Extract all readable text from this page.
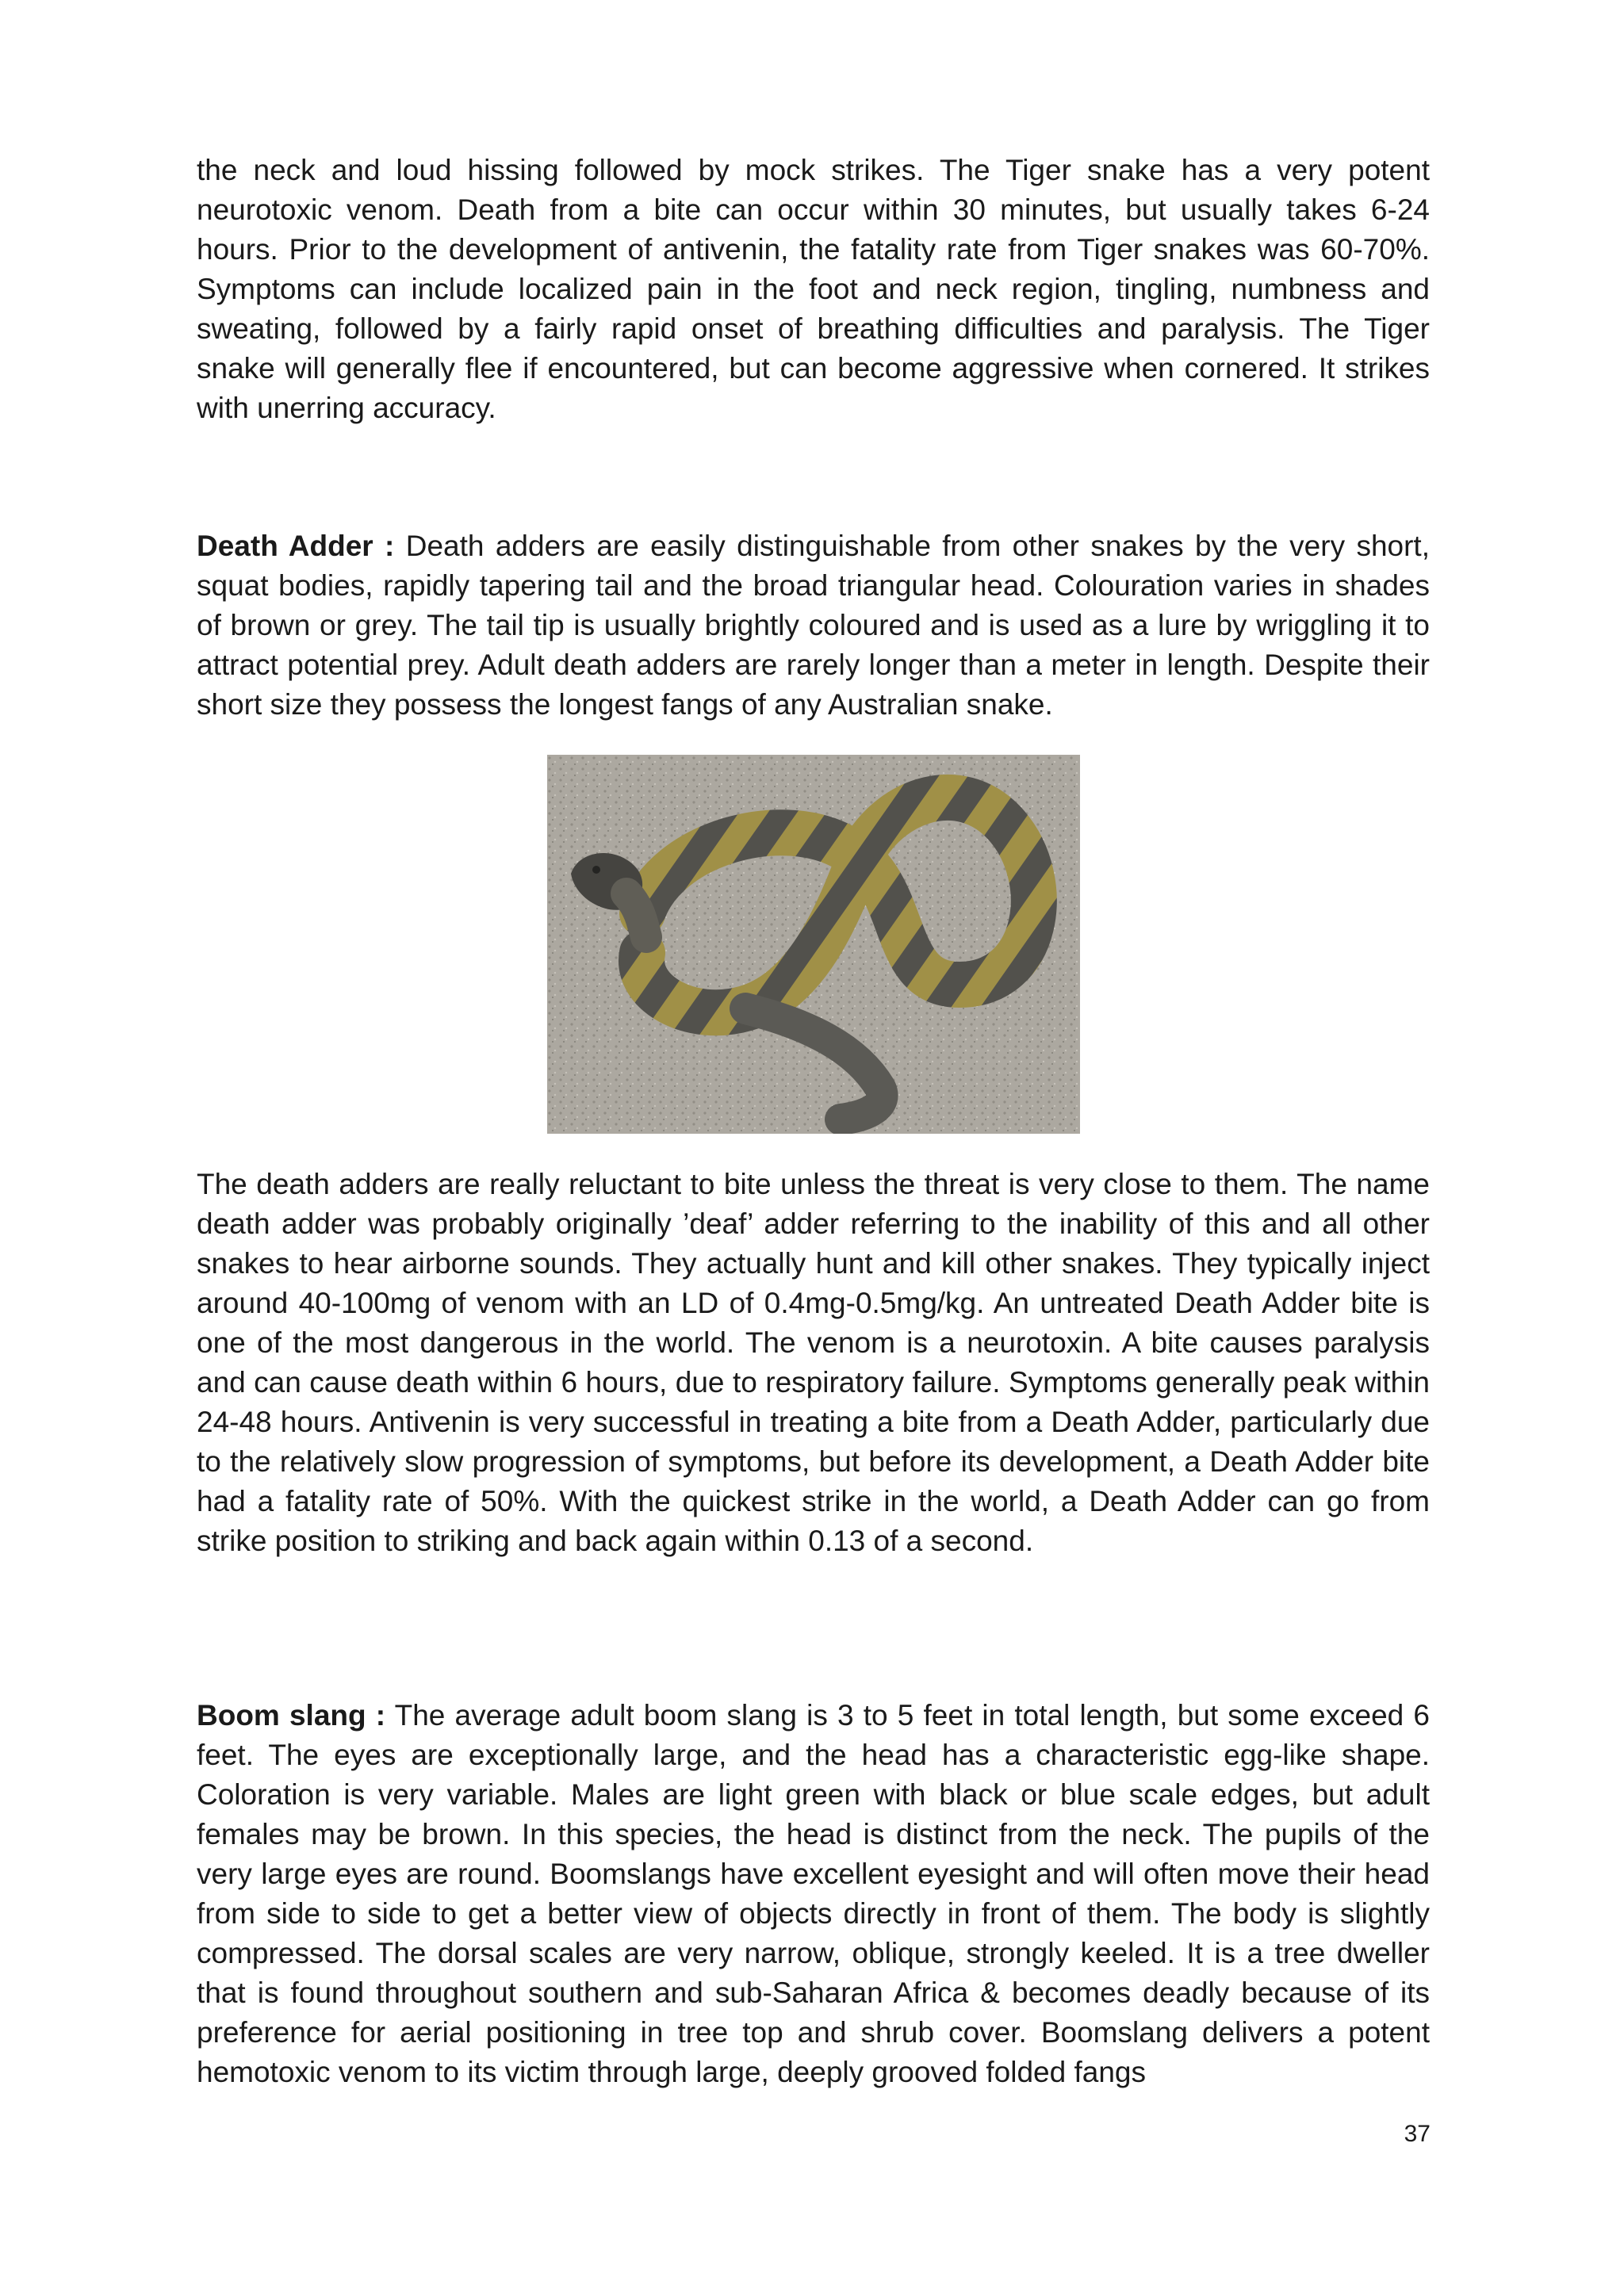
the neck and loud hissing followed by mock strikes. The Tiger snake has a very potent neurotoxic venom. Death from a bite can occur within 30 minutes, but usually takes 6-24 hours. Prior to the development of antivenin, the fatality rate from Tiger snakes was 60-70%. Symptoms can include localized pain in the foot and neck region, tingling, numbness and sweating, followed by a fairly rapid onset of breathing difficulties and paralysis. The Tiger snake will generally flee if encountered, but can become aggressive when cornered. It strikes with unerring accuracy.

Death Adder : Death adders are easily distinguishable from other snakes by the very short, squat bodies, rapidly tapering tail and the broad triangular head. Colouration varies in shades of brown or grey. The tail tip is usually brightly coloured and is used as a lure by wriggling it to attract potential prey. Adult death adders are rarely longer than a meter in length. Despite their short size they possess the longest fangs of any Australian snake.

The death adders are really reluctant to bite unless the threat is very close to them. The name death adder was probably originally ’deaf’ adder referring to the inability of this and all other snakes to hear airborne sounds. They actually hunt and kill other snakes. They typically inject around 40-100mg of venom with an LD of 0.4mg-0.5mg/kg. An untreated Death Adder bite is one of the most dangerous in the world. The venom is a neurotoxin. A bite causes paralysis and can cause death within 6 hours, due to respiratory failure. Symptoms generally peak within 24-48 hours. Antivenin is very successful in treating a bite from a Death Adder, particularly due to the relatively slow progression of symptoms, but before its development, a Death Adder bite had a fatality rate of 50%. With the quickest strike in the world, a Death Adder can go from strike position to striking and back again within 0.13 of a second.

Boom slang : The average adult boom slang is 3 to 5 feet in total length, but some exceed 6 feet. The eyes are exceptionally large, and the head has a characteristic egg-like shape. Coloration is very variable. Males are light green with black or blue scale edges, but adult females may be brown. In this species, the head is distinct from the neck. The pupils of the very large eyes are round. Boomslangs have excellent eyesight and will often move their head from side to side to get a better view of objects directly in front of them. The body is slightly compressed. The dorsal scales are very narrow, oblique, strongly keeled. It is a tree dweller that is found throughout southern and sub-Saharan Africa & becomes deadly because of its preference for aerial positioning in tree top and shrub cover. Boomslang delivers a potent hemotoxic venom to its victim through large, deeply grooved folded fangs

37
